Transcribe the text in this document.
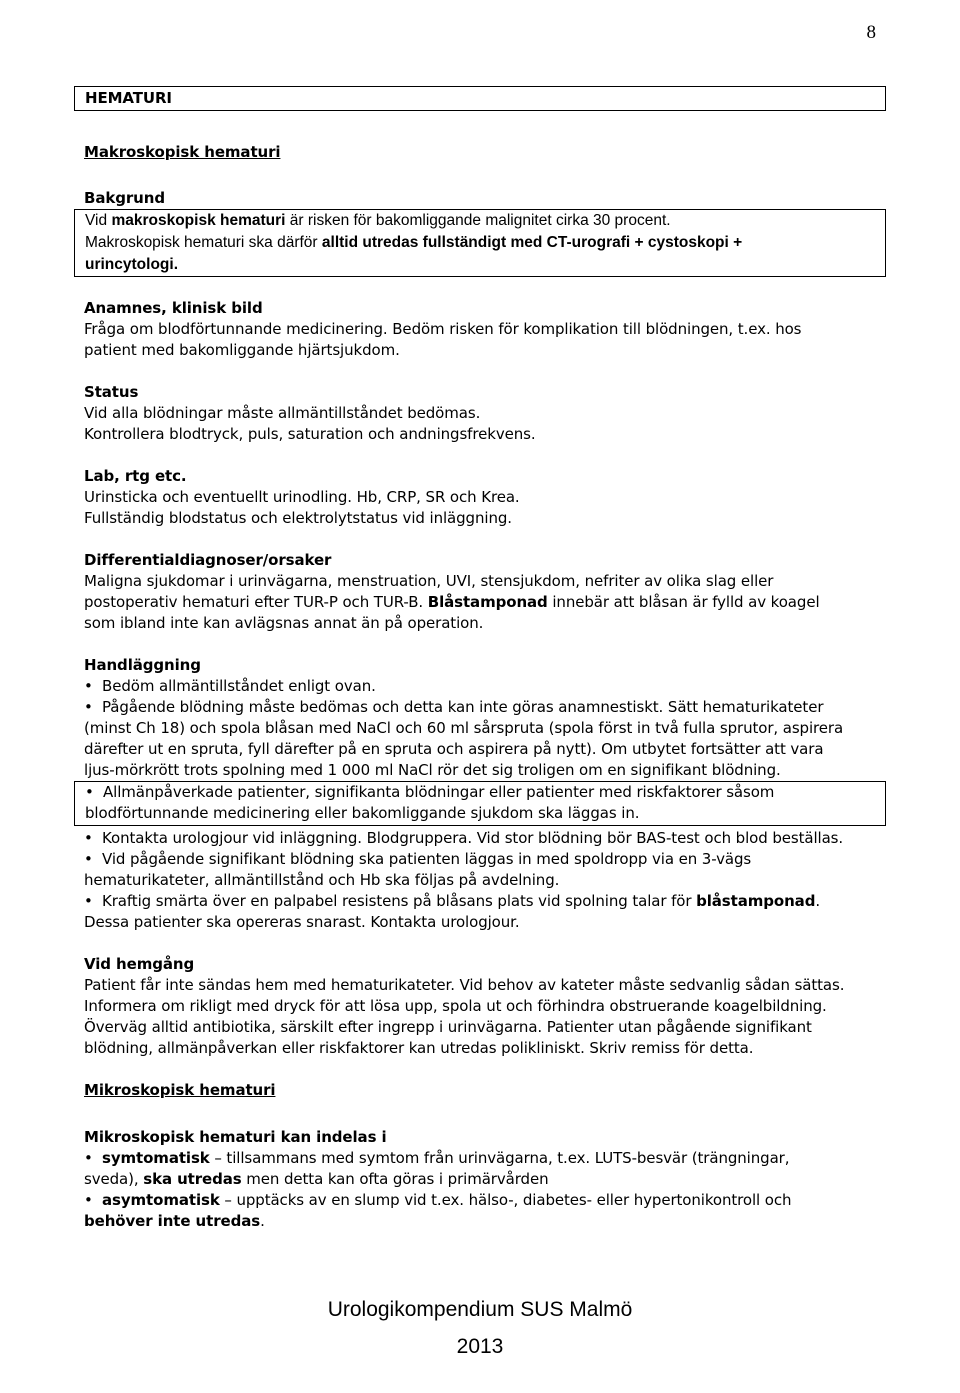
8
HEMATURI
Makroskopisk hematuri
Bakgrund
Vid makroskopisk hematuri är risken för bakomliggande malignitet cirka 30 procent.
Makroskopisk hematuri ska därför alltid utredas fullständigt med CT-urografi + cystoskopi +
urincytologi.
Anamnes, klinisk bild
Fråga om blodförtunnande medicinering. Bedöm risken för komplikation till blödningen, t.ex. hos
patient med bakomliggande hjärtsjukdom.
Status
Vid alla blödningar måste allmäntillståndet bedömas.
Kontrollera blodtryck, puls, saturation och andningsfrekvens.
Lab, rtg etc.
Urinsticka och eventuellt urinodling. Hb, CRP, SR och Krea.
Fullständig blodstatus och elektrolytstatus vid inläggning.
Differentialdiagnoser/orsaker
Maligna sjukdomar i urinvägarna, menstruation, UVI, stensjukdom, nefriter av olika slag eller
postoperativ hematuri efter TUR-P och TUR-B. Blåstamponad innebär att blåsan är fylld av koagel
som ibland inte kan avlägsnas annat än på operation.
Handläggning
• Bedöm allmäntillståndet enligt ovan.
• Pågående blödning måste bedömas och detta kan inte göras anamnestiskt. Sätt hematurikateter
(minst Ch 18) och spola blåsan med NaCl och 60 ml sårspruta (spola först in två fulla sprutor, aspirera
därefter ut en spruta, fyll därefter på en spruta och aspirera på nytt). Om utbytet fortsätter att vara
ljus-mörkrött trots spolning med 1 000 ml NaCl rör det sig troligen om en signifikant blödning.
• Allmänpåverkade patienter, signifikanta blödningar eller patienter med riskfaktorer såsom
blodförtunnande medicinering eller bakomliggande sjukdom ska läggas in.
• Kontakta urologjour vid inläggning. Blodgruppera. Vid stor blödning bör BAS-test och blod beställas.
• Vid pågående signifikant blödning ska patienten läggas in med spoldropp via en 3-vägs
hematurikateter, allmäntillstånd och Hb ska följas på avdelning.
• Kraftig smärta över en palpabel resistens på blåsans plats vid spolning talar för blåstamponad.
Dessa patienter ska opereras snarast. Kontakta urologjour.
Vid hemgång
Patient får inte sändas hem med hematurikateter. Vid behov av kateter måste sedvanlig sådan sättas.
Informera om rikligt med dryck för att lösa upp, spola ut och förhindra obstruerande koagelbildning.
Överväg alltid antibiotika, särskilt efter ingrepp i urinvägarna. Patienter utan pågående signifikant
blödning, allmänpåverkan eller riskfaktorer kan utredas polikliniskt. Skriv remiss för detta.
Mikroskopisk hematuri
Mikroskopisk hematuri kan indelas i
• symtomatisk – tillsammans med symtom från urinvägarna, t.ex. LUTS-besvär (trängningar,
sveda), ska utredas men detta kan ofta göras i primärvården
• asymtomatisk – upptäcks av en slump vid t.ex. hälso-, diabetes- eller hypertonikontroll och
behöver inte utredas.
Urologikompendium SUS Malmö
2013
